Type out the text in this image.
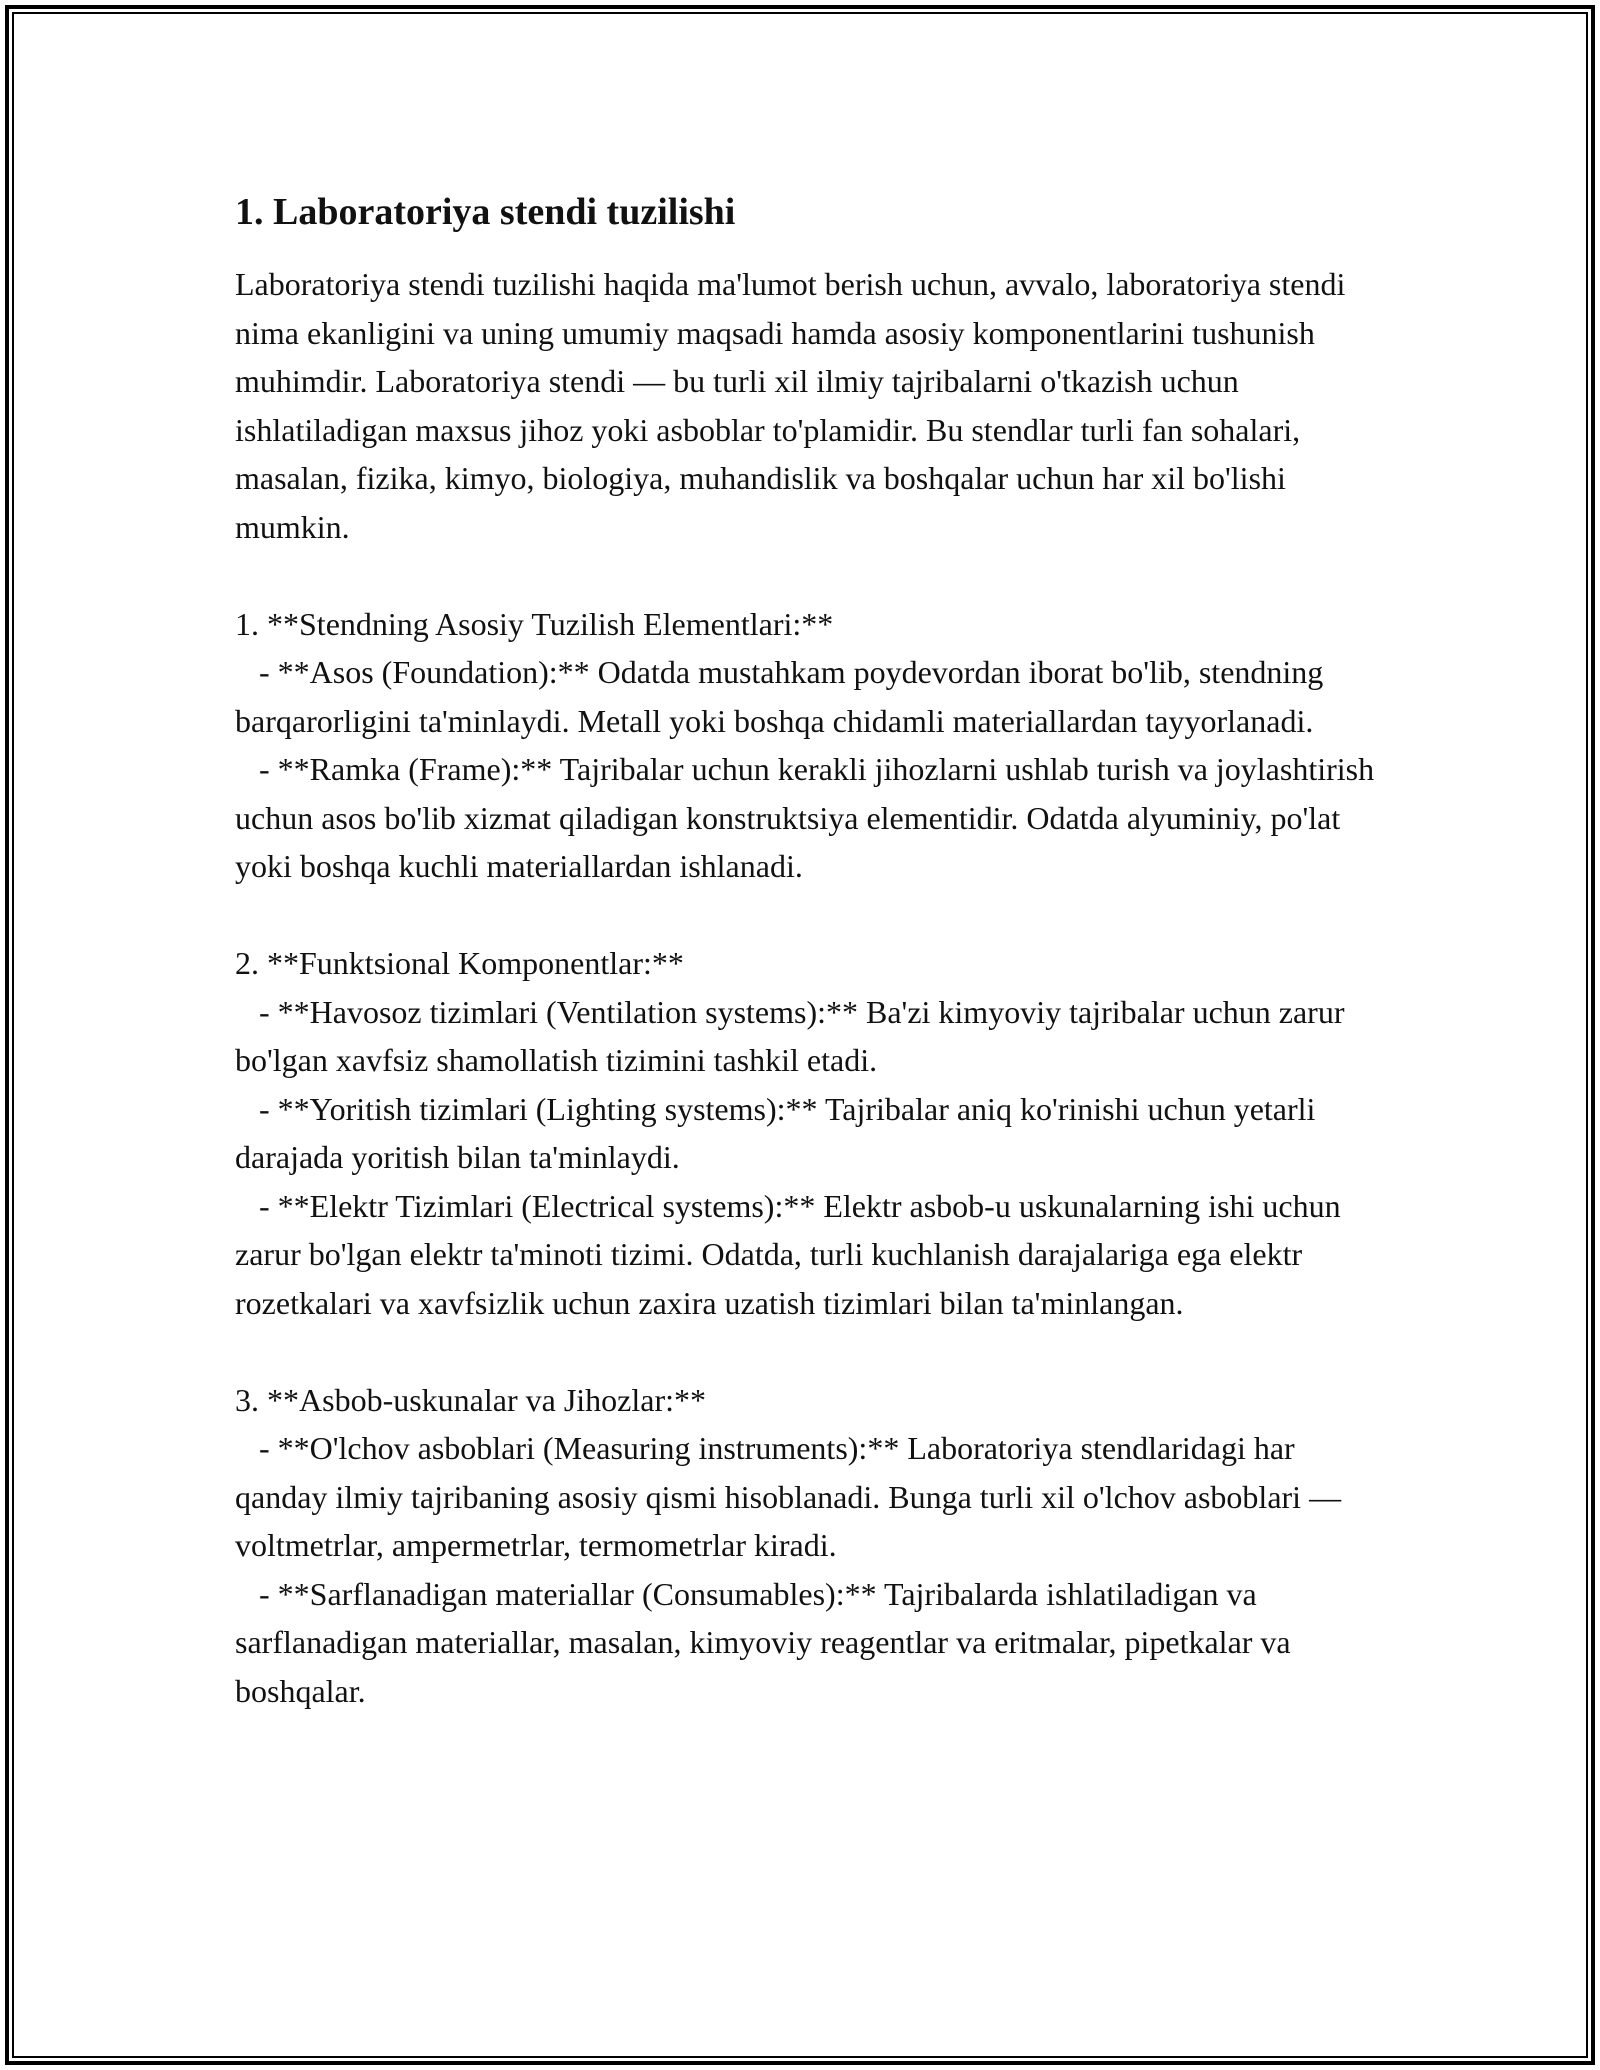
1. Laboratoriya stendi tuzilishi

Laboratoriya stendi tuzilishi haqida ma'lumot berish uchun, avvalo, laboratoriya stendi nima ekanligini va uning umumiy maqsadi hamda asosiy komponentlarini tushunish muhimdir. Laboratoriya stendi — bu turli xil ilmiy tajribalarni o'tkazish uchun ishlatiladigan maxsus jihoz yoki asboblar to'plamidir. Bu stendlar turli fan sohalari, masalan, fizika, kimyo, biologiya, muhandislik va boshqalar uchun har xil bo'lishi mumkin.

1. **Stendning Asosiy Tuzilish Elementlari:**

- **Asos (Foundation):** Odatda mustahkam poydevordan iborat bo'lib, stendning barqarorligini ta'minlaydi. Metall yoki boshqa chidamli materiallardan tayyorlanadi.

- **Ramka (Frame):** Tajribalar uchun kerakli jihozlarni ushlab turish va joylashtirish uchun asos bo'lib xizmat qiladigan konstruktsiya elementidir. Odatda alyuminiy, po'lat yoki boshqa kuchli materiallardan ishlanadi.

2. **Funktsional Komponentlar:**

- **Havosoz tizimlari (Ventilation systems):** Ba'zi kimyoviy tajribalar uchun zarur bo'lgan xavfsiz shamollatish tizimini tashkil etadi.

- **Yoritish tizimlari (Lighting systems):** Tajribalar aniq ko'rinishi uchun yetarli darajada yoritish bilan ta'minlaydi.

- **Elektr Tizimlari (Electrical systems):** Elektr asbob-u uskunalarning ishi uchun zarur bo'lgan elektr ta'minoti tizimi. Odatda, turli kuchlanish darajalariga ega elektr rozetkalari va xavfsizlik uchun zaxira uzatish tizimlari bilan ta'minlangan.

3. **Asbob-uskunalar va Jihozlar:**

- **O'lchov asboblari (Measuring instruments):** Laboratoriya stendlaridagi har qanday ilmiy tajribaning asosiy qismi hisoblanadi. Bunga turli xil o'lchov asboblari — voltmetrlar, ampermetrlar, termometrlar kiradi.

- **Sarflanadigan materiallar (Consumables):** Tajribalarda ishlatiladigan va sarflanadigan materiallar, masalan, kimyoviy reagentlar va eritmalar, pipetkalar va boshqalar.
